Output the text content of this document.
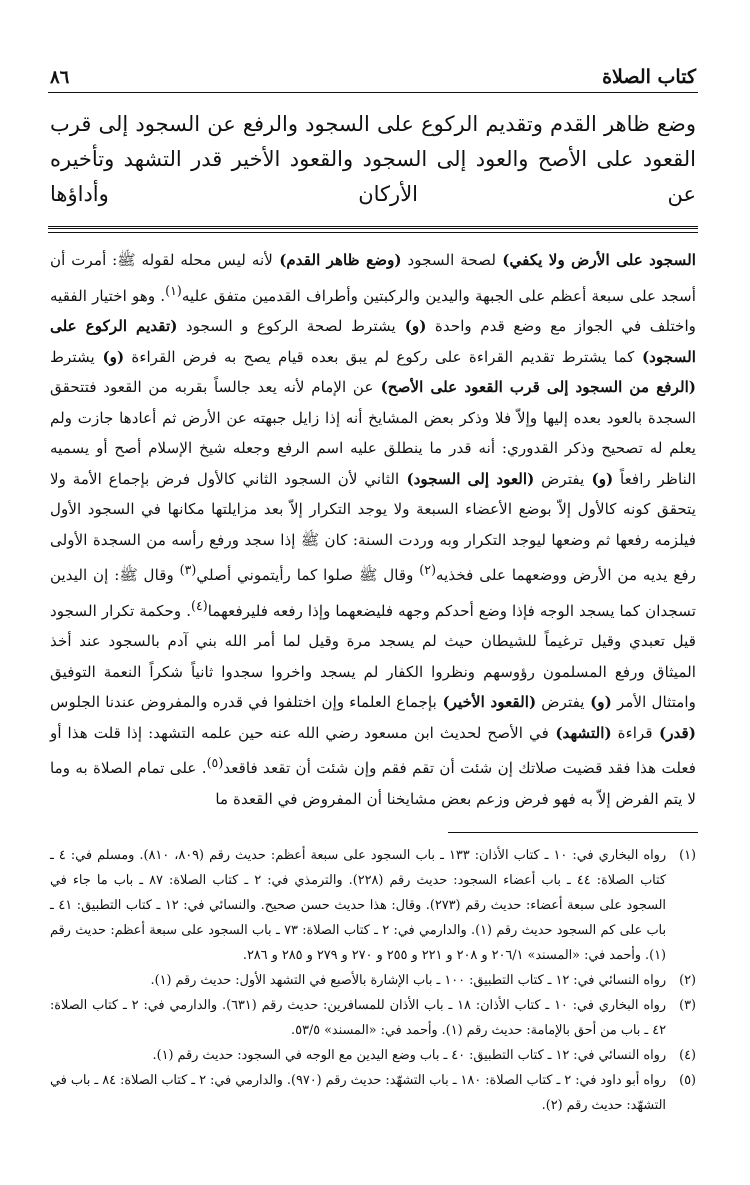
كتاب الصلاة
٨٦

وضع ظاهر القدم وتقديم الركوع على السجود والرفع عن السجود إلى قرب القعود على الأصح والعود إلى السجود والقعود الأخير قدر التشهد وتأخيره عن الأركان وأداؤها

السجود على الأرض ولا يكفي) لصحة السجود (وضع ظاهر القدم) لأنه ليس محله لقوله ﷺ: أمرت أن أسجد على سبعة أعظم على الجبهة واليدين والركبتين وأطراف القدمين متفق عليه$^{(١)}$. وهو اختيار الفقيه واختلف في الجواز مع وضع قدم واحدة (و) يشترط لصحة الركوع و السجود (تقديم الركوع على السجود) كما يشترط تقديم القراءة على ركوع لم يبق بعده قيام يصح به فرض القراءة (و) يشترط (الرفع من السجود إلى قرب القعود على الأصح) عن الإمام لأنه يعد جالساً بقربه من القعود فتتحقق السجدة بالعود بعده إليها وإلاّ فلا وذكر بعض المشايخ أنه إذا زايل جبهته عن الأرض ثم أعادها جازت ولم يعلم له تصحيح وذكر القدوري: أنه قدر ما ينطلق عليه اسم الرفع وجعله شيخ الإسلام أصح أو يسميه الناظر رافعاً (و) يفترض (العود إلى السجود) الثاني لأن السجود الثاني كالأول فرض بإجماع الأمة ولا يتحقق كونه كالأول إلاّ بوضع الأعضاء السبعة ولا يوجد التكرار إلاّ بعد مزايلتها مكانها في السجود الأول فيلزمه رفعها ثم وضعها ليوجد التكرار وبه وردت السنة: كان ﷺ إذا سجد ورفع رأسه من السجدة الأولى رفع يديه من الأرض ووضعهما على فخذيه$^{(٢)}$ وقال ﷺ صلوا كما رأيتموني أصلي$^{(٣)}$ وقال ﷺ: إن اليدين تسجدان كما يسجد الوجه فإذا وضع أحدكم وجهه فليضعهما وإذا رفعه فليرفعهما$^{(٤)}$. وحكمة تكرار السجود قيل تعبدي وقيل ترغيماً للشيطان حيث لم يسجد مرة وقيل لما أمر الله بني آدم بالسجود عند أخذ الميثاق ورفع المسلمون رؤوسهم ونظروا الكفار لم يسجد واخروا سجدوا ثانياً شكراً النعمة التوفيق وامتثال الأمر (و) يفترض (القعود الأخير) بإجماع العلماء وإن اختلفوا في قدره والمفروض عندنا الجلوس (قدر) قراءة (التشهد) في الأصح لحديث ابن مسعود رضي الله عنه حين علمه التشهد: إذا قلت هذا أو فعلت هذا فقد قضيت صلاتك إن شئت أن تقم فقم وإن شئت أن تقعد فاقعد$^{(٥)}$. على تمام الصلاة به وما لا يتم الفرض إلاّ به فهو فرض وزعم بعض مشايخنا أن المفروض في القعدة ما

(١)رواه البخاري في: ١٠ ـ كتاب الأذان: ١٣٣ ـ باب السجود على سبعة أعظم: حديث رقم (٨٠٩، ٨١٠). ومسلم في: ٤ ـ كتاب الصلاة: ٤٤ ـ باب أعضاء السجود: حديث رقم (٢٢٨). والترمذي في: ٢ ـ كتاب الصلاة: ٨٧ ـ باب ما جاء في السجود على سبعة أعضاء: حديث رقم (٢٧٣). وقال: هذا حديث حسن صحيح. والنسائي في: ١٢ ـ كتاب التطبيق: ٤١ ـ باب على كم السجود حديث رقم (١). والدارمي في: ٢ ـ كتاب الصلاة: ٧٣ ـ باب السجود على سبعة أعظم: حديث رقم (١). وأحمد في: «المسند» ٢٠٦/١ و ٢٠٨ و ٢٢١ و ٢٥٥ و ٢٧٠ و ٢٧٩ و ٢٨٥ و ٢٨٦.

(٢)رواه النسائي في: ١٢ ـ كتاب التطبيق: ١٠٠ ـ باب الإشارة بالأصبع في التشهد الأول: حديث رقم (١).

(٣)رواه البخاري في: ١٠ ـ كتاب الأذان: ١٨ ـ باب الأذان للمسافرين: حديث رقم (٦٣١). والدارمي في: ٢ ـ كتاب الصلاة: ٤٢ ـ باب من أحق بالإمامة: حديث رقم (١). وأحمد في: «المسند» ٥٣/٥.

(٤)رواه النسائي في: ١٢ ـ كتاب التطبيق: ٤٠ ـ باب وضع اليدين مع الوجه في السجود: حديث رقم (١).

(٥)رواه أبو داود في: ٢ ـ كتاب الصلاة: ١٨٠ ـ باب التشهّد: حديث رقم (٩٧٠). والدارمي في: ٢ ـ كتاب الصلاة: ٨٤ ـ باب في التشهّد: حديث رقم (٢).
